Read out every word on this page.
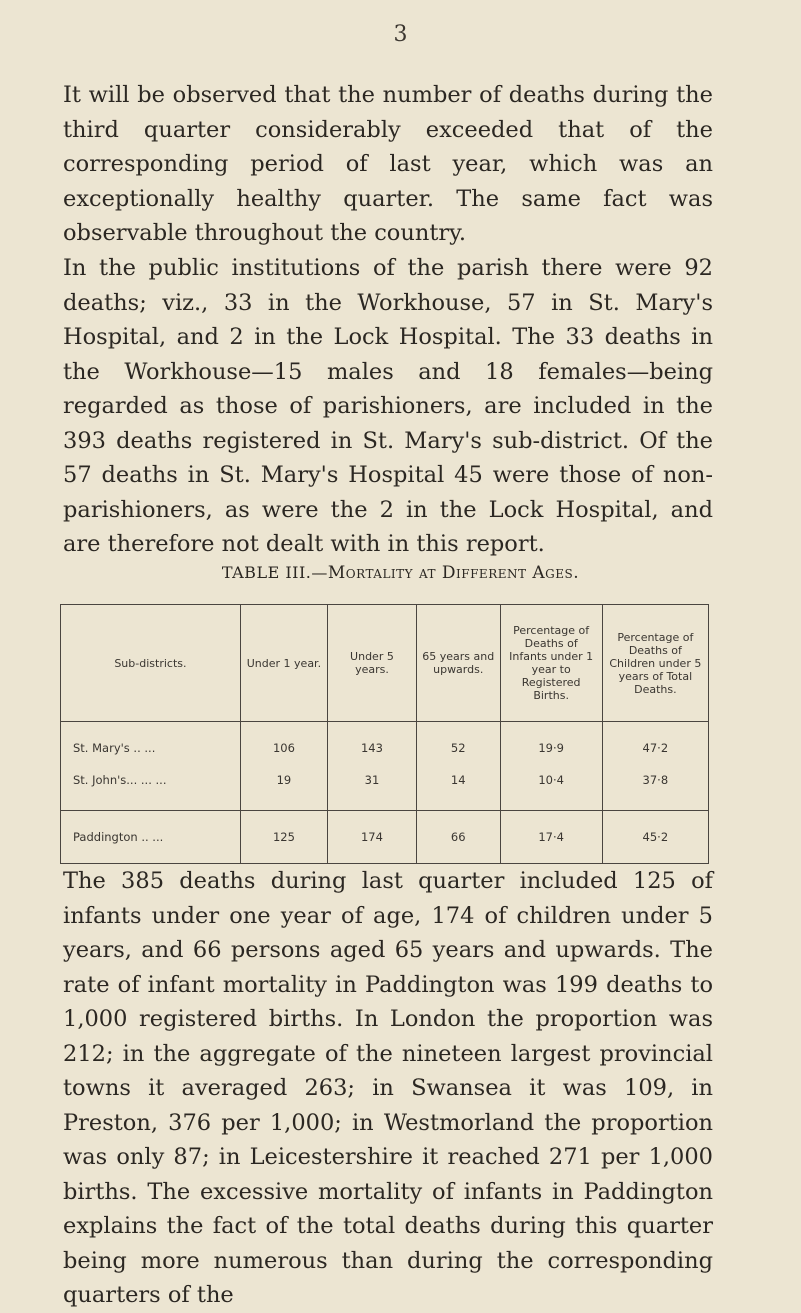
3

It will be observed that the number of deaths during the third quarter considerably exceeded that of the corresponding period of last year, which was an exceptionally healthy quarter. The same fact was observable throughout the country.

In the public institutions of the parish there were 92 deaths; viz., 33 in the Workhouse, 57 in St. Mary's Hospital, and 2 in the Lock Hospital. The 33 deaths in the Workhouse—15 males and 18 females—being regarded as those of parishioners, are included in the 393 deaths registered in St. Mary's sub-district. Of the 57 deaths in St. Mary's Hospital 45 were those of non-parishioners, as were the 2 in the Lock Hospital, and are therefore not dealt with in this report.

TABLE III.—Mortality at Different Ages.
Sub-districts.	Under 1 year.	Under 5 years.	65 years and upwards.	Percentage of Deaths of Infants under 1 year to Registered Births.	Percentage of Deaths of Children under 5 years of Total Deaths.

St. Mary's .. ...	106	143	52	19·9	47·2
St. John's... ... ...	19	31	14	10·4	37·8
Paddington .. ...	125	174	66	17·4	45·2

The 385 deaths during last quarter included 125 of infants under one year of age, 174 of children under 5 years, and 66 persons aged 65 years and upwards. The rate of infant mortality in Paddington was 199 deaths to 1,000 registered births. In London the proportion was 212; in the aggregate of the nineteen largest provincial towns it averaged 263; in Swansea it was 109, in Preston, 376 per 1,000; in Westmorland the proportion was only 87; in Leicestershire it reached 271 per 1,000 births. The excessive mortality of infants in Paddington explains the fact of the total deaths during this quarter being more numerous than during the corresponding quarters of the
